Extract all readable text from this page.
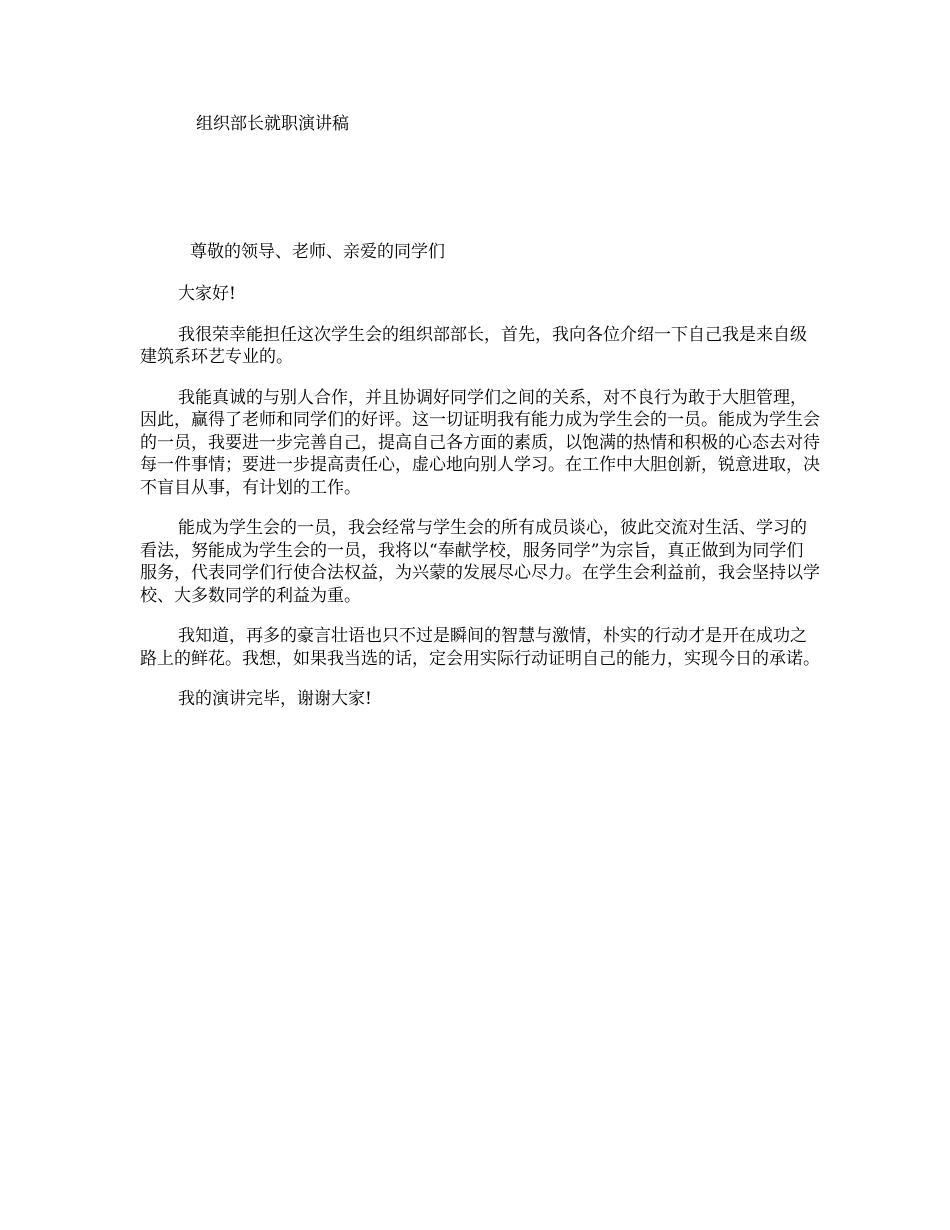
组织部长就职演讲稿
尊敬的领导、老师、亲爱的同学们

大家好!

我很荣幸能担任这次学生会的组织部部长，首先，我向各位介绍一下自己我是来自级建筑系环艺专业的。

我能真诚的与别人合作，并且协调好同学们之间的关系，对不良行为敢于大胆管理，因此，赢得了老师和同学们的好评。这一切证明我有能力成为学生会的一员。能成为学生会的一员，我要进一步完善自己，提高自己各方面的素质，以饱满的热情和积极的心态去对待每一件事情；要进一步提高责任心，虚心地向别人学习。在工作中大胆创新，锐意进取，决不盲目从事，有计划的工作。

能成为学生会的一员，我会经常与学生会的所有成员谈心，彼此交流对生活、学习的看法，努能成为学生会的一员，我将以“奉献学校，服务同学”为宗旨，真正做到为同学们服务，代表同学们行使合法权益，为兴蒙的发展尽心尽力。在学生会利益前，我会坚持以学校、大多数同学的利益为重。

我知道，再多的豪言壮语也只不过是瞬间的智慧与激情，朴实的行动才是开在成功之路上的鲜花。我想，如果我当选的话，定会用实际行动证明自己的能力，实现今日的承诺。

我的演讲完毕，谢谢大家!
